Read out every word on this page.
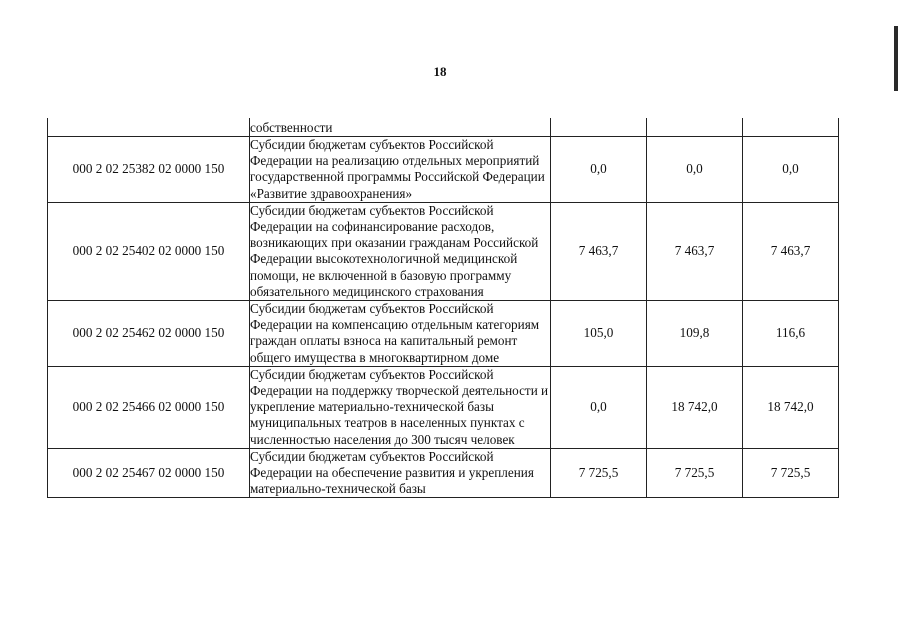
18
	собственности			
000 2 02 25382 02 0000 150	Субсидии бюджетам субъектов Российской Федерации на реализацию отдельных мероприятий государственной программы Российской Федерации «Развитие здравоохранения»	0,0	0,0	0,0
000 2 02 25402 02 0000 150	Субсидии бюджетам субъектов Российской Федерации на софинансирование расходов, возникающих при оказании гражданам Российской Федерации высокотехнологичной медицинской помощи, не включенной в базовую программу обязательного медицинского страхования	7 463,7	7 463,7	7 463,7
000 2 02 25462 02 0000 150	Субсидии бюджетам субъектов Российской Федерации на компенсацию отдельным категориям граждан оплаты взноса на капитальный ремонт общего имущества в многоквартирном доме	105,0	109,8	116,6
000 2 02 25466 02 0000 150	Субсидии бюджетам субъектов Российской Федерации на поддержку творческой деятельности и укрепление материально-технической базы муниципальных театров в населенных пунктах с численностью населения до 300 тысяч человек	0,0	18 742,0	18 742,0
000 2 02 25467 02 0000 150	Субсидии бюджетам субъектов Российской Федерации на обеспечение развития и укрепления материально-технической базы	7 725,5	7 725,5	7 725,5
